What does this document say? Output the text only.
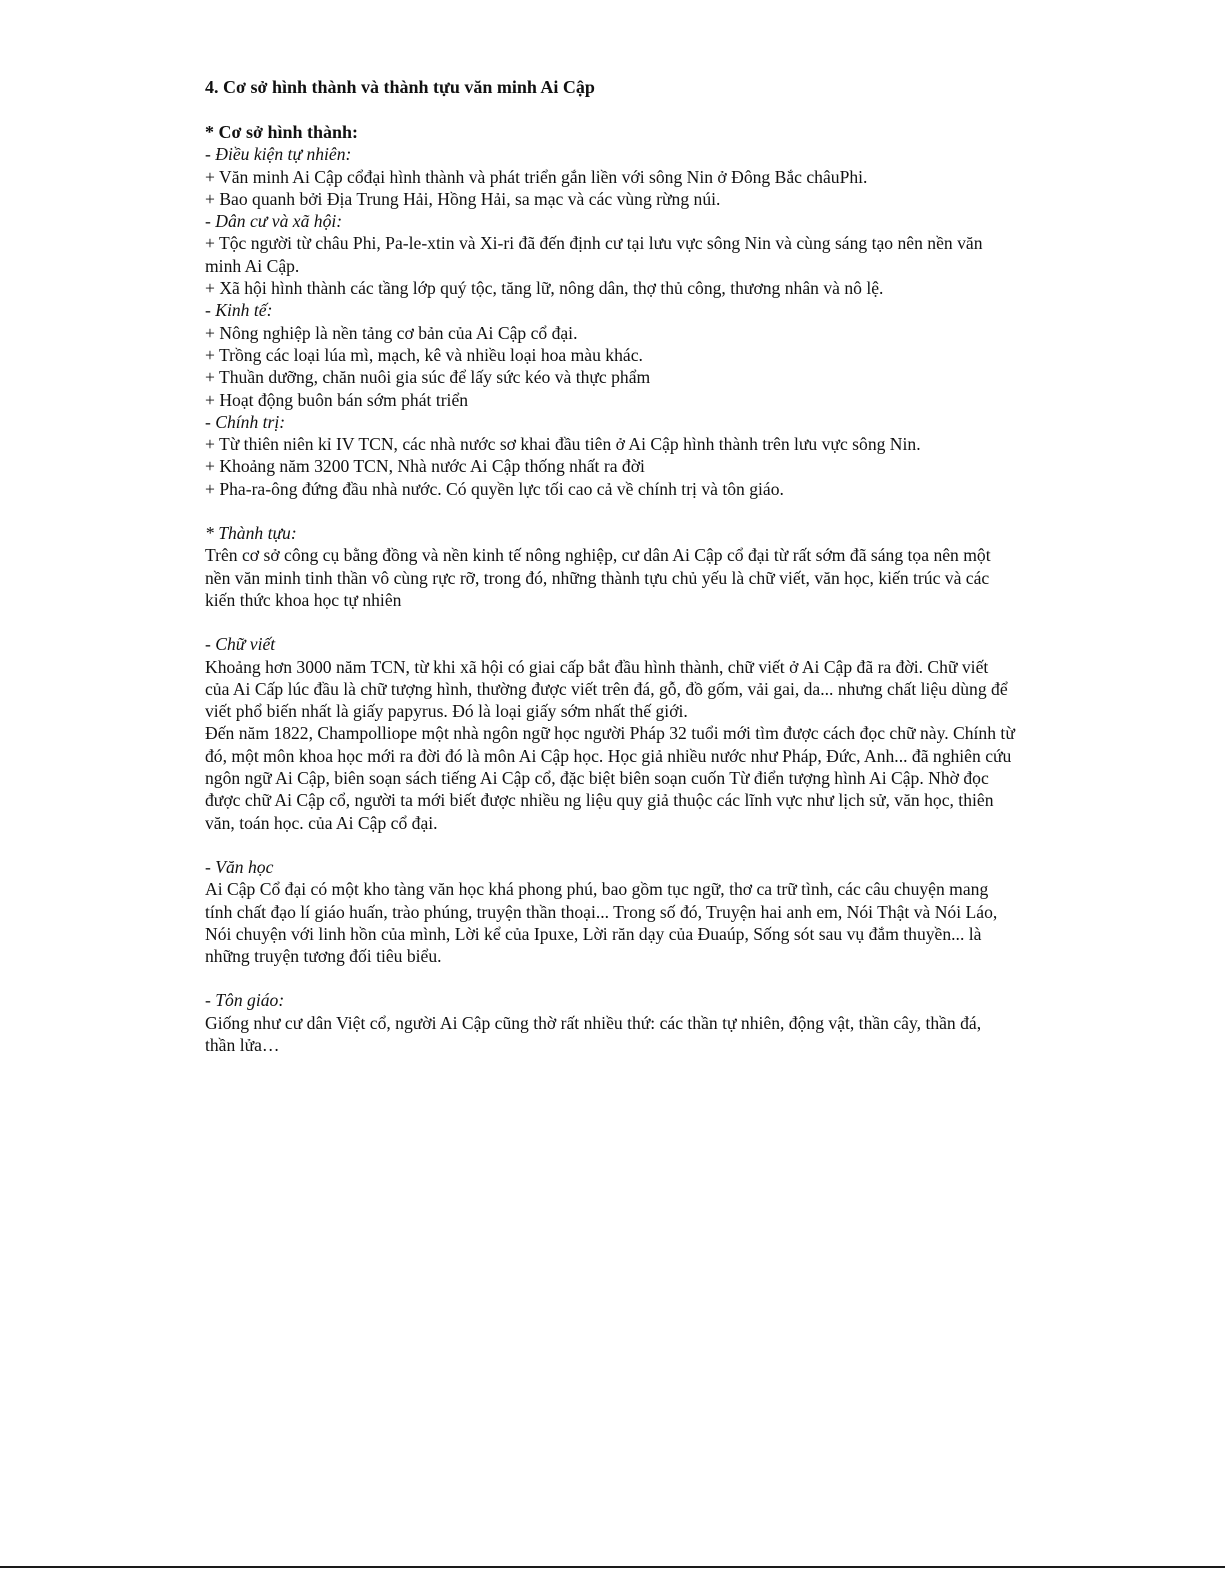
4. Cơ sở hình thành và thành tựu văn minh Ai Cập

* Cơ sở hình thành:

- Điều kiện tự nhiên:

+ Văn minh Ai Cập cổđại hình thành và phát triển gắn liền với sông Nin ở Đông Bắc châuPhi.

+ Bao quanh bởi Địa Trung Hải, Hồng Hải, sa mạc và các vùng rừng núi.

- Dân cư và xã hội:

+ Tộc người từ châu Phi, Pa-le-xtin và Xi-ri đã đến định cư tại lưu vực sông Nin và cùng sáng tạo nên nền văn minh Ai Cập.

+ Xã hội hình thành các tầng lớp quý tộc, tăng lữ, nông dân, thợ thủ công, thương nhân và nô lệ.

- Kinh tế:

+ Nông nghiệp là nền tảng cơ bản của Ai Cập cổ đại.

+ Trồng các loại lúa mì, mạch, kê và nhiều loại hoa màu khác.

+ Thuần dưỡng, chăn nuôi gia súc để lấy sức kéo và thực phẩm

+ Hoạt động buôn bán sớm phát triển

- Chính trị:

+ Từ thiên niên kỉ IV TCN, các nhà nước sơ khai đầu tiên ở Ai Cập hình thành trên lưu vực sông Nin.

+ Khoảng năm 3200 TCN, Nhà nước Ai Cập thống nhất ra đời

+ Pha-ra-ông đứng đầu nhà nước. Có quyền lực tối cao cả về chính trị và tôn giáo.

* Thành tựu:

Trên cơ sở công cụ bằng đồng và nền kinh tế nông nghiệp, cư dân Ai Cập cổ đại từ rất sớm đã sáng tọa nên một nền văn minh tinh thần vô cùng rực rỡ, trong đó, những thành tựu chủ yếu là chữ viết, văn học, kiến trúc và các kiến thức khoa học tự nhiên

- Chữ viết

Khoảng hơn 3000 năm TCN, từ khi xã hội có giai cấp bắt đầu hình thành, chữ viết ở Ai Cập đã ra đời. Chữ viết của Ai Cấp lúc đầu là chữ tượng hình, thường được viết trên đá, gỗ, đồ gốm, vải gai, da... nhưng chất liệu dùng để viết phổ biến nhất là giấy papyrus. Đó là loại giấy sớm nhất thế giới.

Đến năm 1822, Champolliope một nhà ngôn ngữ học người Pháp 32 tuổi mới tìm được cách đọc chữ này. Chính từ đó, một môn khoa học mới ra đời đó là môn Ai Cập học. Học giả nhiều nước như Pháp, Đức, Anh... đã nghiên cứu ngôn ngữ Ai Cập, biên soạn sách tiếng Ai Cập cổ, đặc biệt biên soạn cuốn Từ điển tượng hình Ai Cập. Nhờ đọc được chữ Ai Cập cổ, người ta mới biết được nhiều ng liệu quy giả thuộc các lĩnh vực như lịch sử, văn học, thiên văn, toán học. của Ai Cập cổ đại.

- Văn học

Ai Cập Cổ đại có một kho tàng văn học khá phong phú, bao gồm tục ngữ, thơ ca trữ tình, các câu chuyện mang tính chất đạo lí giáo huấn, trào phúng, truyện thần thoại... Trong số đó, Truyện hai anh em, Nói Thật và Nói Láo, Nói chuyện với linh hồn của mình, Lời kể của Ipuxe, Lời răn dạy của Đuaúp, Sống sót sau vụ đắm thuyền... là những truyện tương đối tiêu biểu.

- Tôn giáo:

Giống như cư dân Việt cổ, người Ai Cập cũng thờ rất nhiều thứ: các thần tự nhiên, động vật, thần cây, thần đá, thần lửa…
